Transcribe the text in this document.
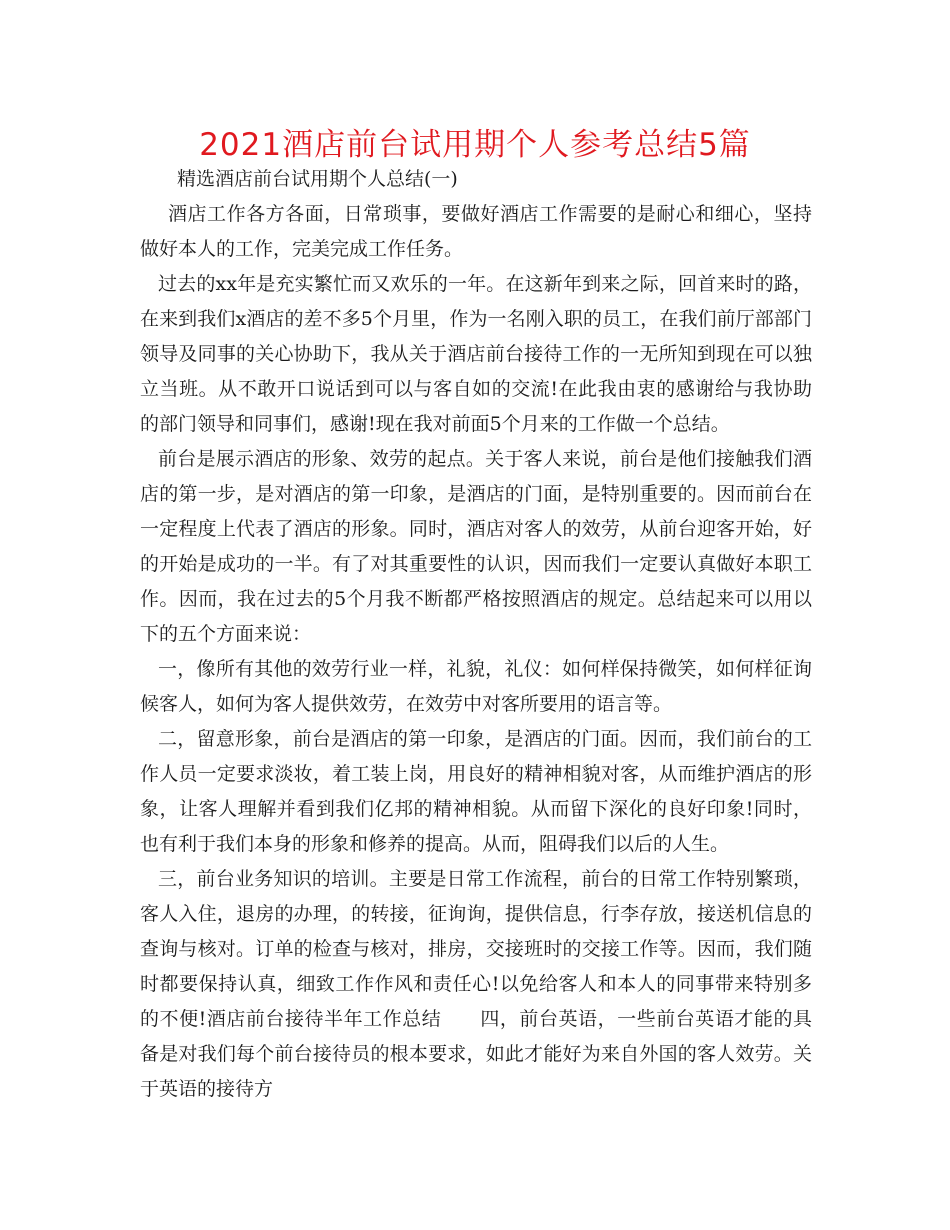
2021酒店前台试用期个人参考总结5篇

精选酒店前台试用期个人总结(一)

酒店工作各方各面，日常琐事，要做好酒店工作需要的是耐心和细心，坚持做好本人的工作，完美完成工作任务。

过去的xx年是充实繁忙而又欢乐的一年。在这新年到来之际，回首来时的路，在来到我们x酒店的差不多5个月里，作为一名刚入职的员工，在我们前厅部部门领导及同事的关心协助下，我从关于酒店前台接待工作的一无所知到现在可以独立当班。从不敢开口说话到可以与客自如的交流!在此我由衷的感谢给与我协助的部门领导和同事们，感谢!现在我对前面5个月来的工作做一个总结。

前台是展示酒店的形象、效劳的起点。关于客人来说，前台是他们接触我们酒店的第一步，是对酒店的第一印象，是酒店的门面，是特别重要的。因而前台在一定程度上代表了酒店的形象。同时，酒店对客人的效劳，从前台迎客开始，好的开始是成功的一半。有了对其重要性的认识，因而我们一定要认真做好本职工作。因而，我在过去的5个月我不断都严格按照酒店的规定。总结起来可以用以下的五个方面来说：

一，像所有其他的效劳行业一样，礼貌，礼仪：如何样保持微笑，如何样征询候客人，如何为客人提供效劳，在效劳中对客所要用的语言等。

二，留意形象，前台是酒店的第一印象，是酒店的门面。因而，我们前台的工作人员一定要求淡妆，着工装上岗，用良好的精神相貌对客，从而维护酒店的形象，让客人理解并看到我们亿邦的精神相貌。从而留下深化的良好印象!同时，也有利于我们本身的形象和修养的提高。从而，阻碍我们以后的人生。

三，前台业务知识的培训。主要是日常工作流程，前台的日常工作特别繁琐，客人入住，退房的办理，的转接，征询询，提供信息，行李存放，接送机信息的查询与核对。订单的检查与核对，排房，交接班时的交接工作等。因而，我们随时都要保持认真，细致工作作风和责任心!以免给客人和本人的同事带来特别多的不便!酒店前台接待半年工作总结　　四，前台英语，一些前台英语才能的具备是对我们每个前台接待员的根本要求，如此才能好为来自外国的客人效劳。关于英语的接待方
